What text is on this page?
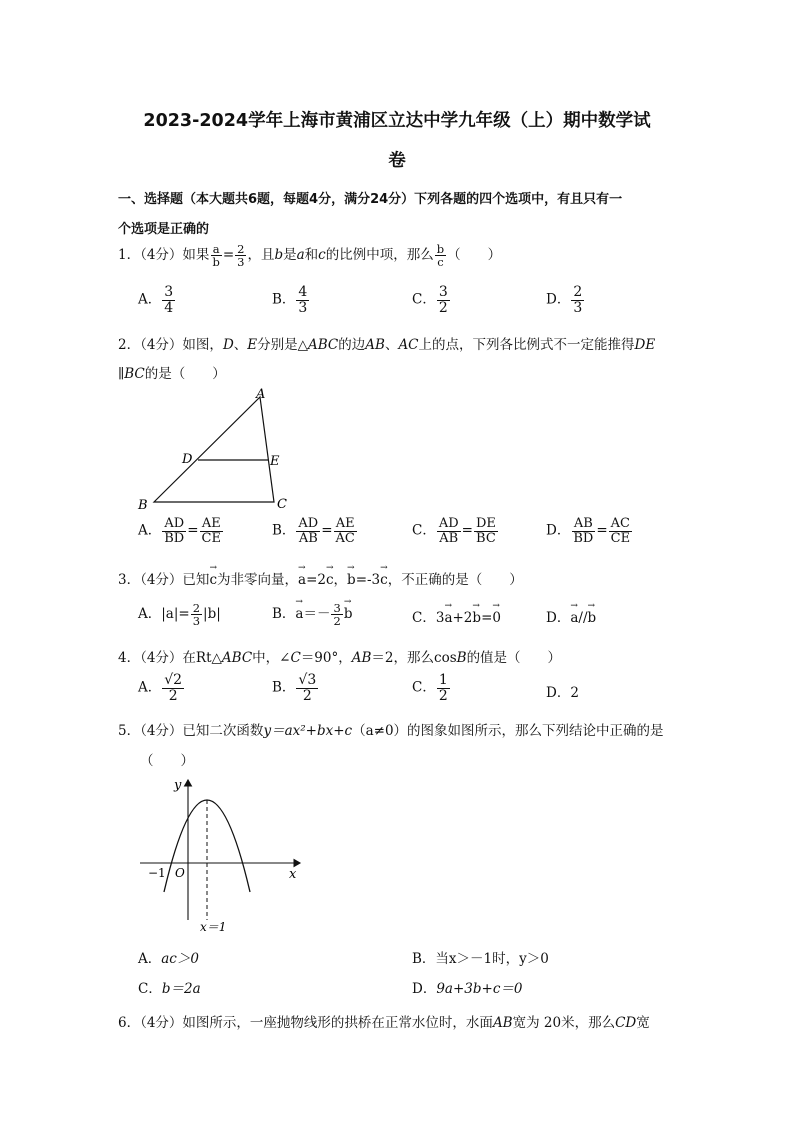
2023-2024学年上海市黄浦区立达中学九年级（上）期中数学试
卷
一、选择题（本大题共6题，每题4分，满分24分）下列各题的四个选项中，有且只有一
个选项是正确的
1．（4分）如果 $\frac{a}{b} = \frac{2}{3}$ ，且b是a和c的比例中项，那么 $\frac{b}{c}$ （　　）
A． $\frac{3}{4}$	B． $\frac{4}{3}$	C． $\frac{3}{2}$	D． $\frac{2}{3}$
2．（4分）如图，D、E分别是△ABC的边AB、AC上的点，下列各比例式不一定能推得DE
∥BC的是（　　）
A
B	C
D	E
A． $\frac{AD}{BD} = \frac{AE}{CE}$	B． $\frac{AD}{AB} = \frac{AE}{AC}$	C． $\frac{AD}{AB} = \frac{DE}{BC}$	D． $\frac{AB}{BD} = \frac{AC}{CE}$
3．（4分）已知→ c为非零向量，→ a=2→ c，→ b=-3→ c，不正确的是（　　）
A．$|a|= \frac{2}{3} |b|$	B．→ $a=- \frac{3}{2} \to b$	C．3→ a+2→ b=→ 0	D．→ a//→ b
4．（4分）在Rt△ABC中，∠C＝90°，AB＝2，那么cosB的值是（　　）
A． $\frac{√2}{2}$	B． $\frac{√3}{2}$	C． $\frac{1}{2}$	D．2
5．（4分）已知二次函数y＝ax²+bx+c（a≠0）的图象如图所示，那么下列结论中正确的是
（　　）
y
x
O
−1
x＝1
A．ac＞0	B．当x＞－1时，y＞0
C．b＝2a	D．9a+3b+c＝0
6．（4分）如图所示，一座抛物线形的拱桥在正常水位时，水面AB宽为 20米，那么CD宽
